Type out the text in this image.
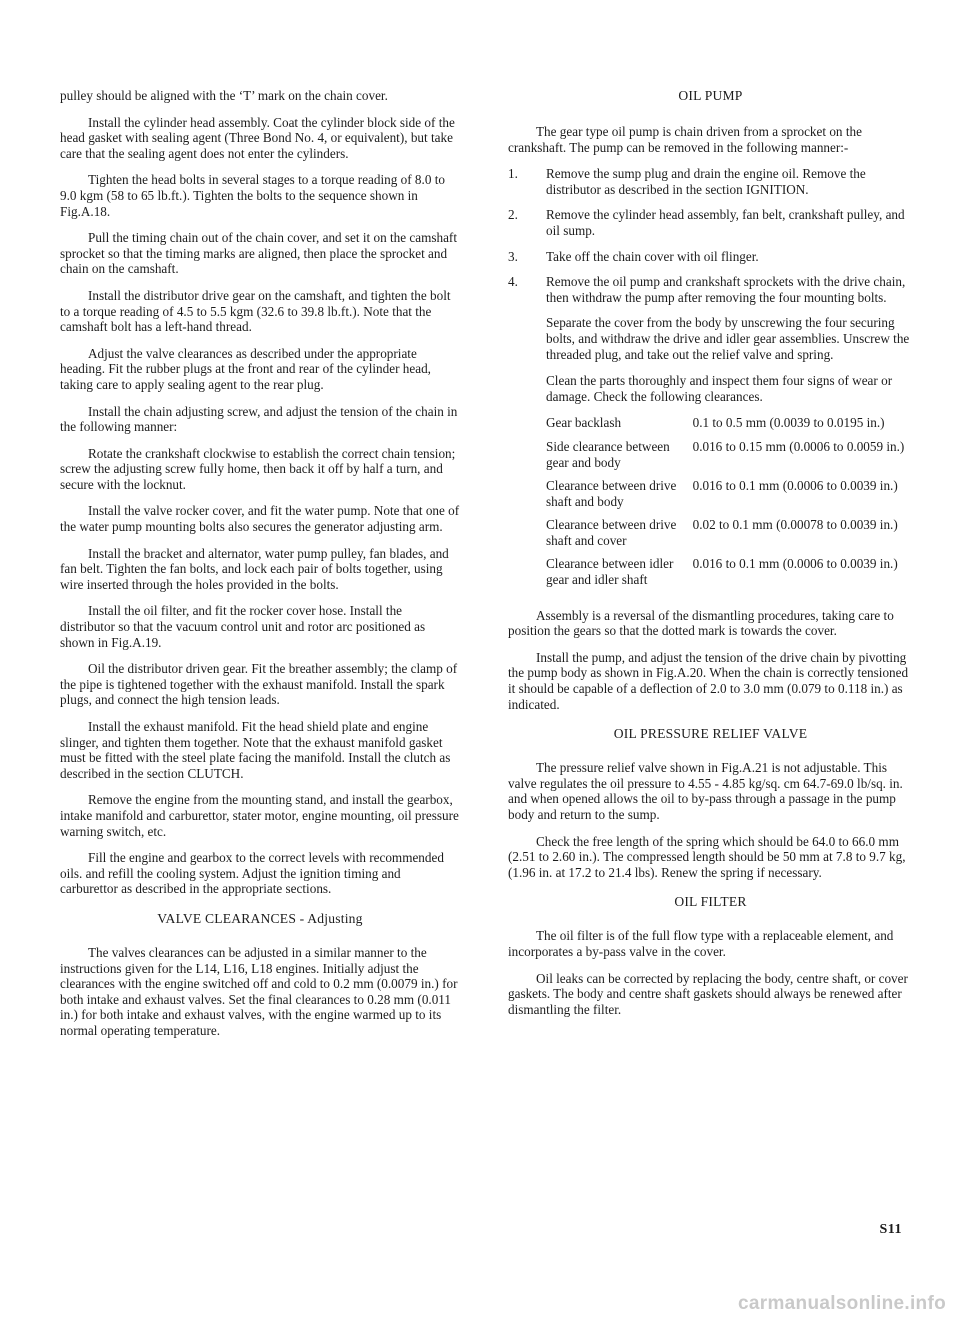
pulley should be aligned with the ‘T’ mark on the chain cover.

Install the cylinder head assembly. Coat the cylinder block side of the head gasket with sealing agent (Three Bond No. 4, or equivalent), but take care that the sealing agent does not enter the cylinders.

Tighten the head bolts in several stages to a torque reading of 8.0 to 9.0 kgm (58 to 65 lb.ft.). Tighten the bolts to the sequence shown in Fig.A.18.

Pull the timing chain out of the chain cover, and set it on the camshaft sprocket so that the timing marks are aligned, then place the sprocket and chain on the camshaft.

Install the distributor drive gear on the camshaft, and tighten the bolt to a torque reading of 4.5 to 5.5 kgm (32.6 to 39.8 lb.ft.). Note that the camshaft bolt has a left-hand thread.

Adjust the valve clearances as described under the appropriate heading. Fit the rubber plugs at the front and rear of the cylinder head, taking care to apply sealing agent to the rear plug.

Install the chain adjusting screw, and adjust the tension of the chain in the following manner:

Rotate the crankshaft clockwise to establish the correct chain tension; screw the adjusting screw fully home, then back it off by half a turn, and secure with the locknut.

Install the valve rocker cover, and fit the water pump. Note that one of the water pump mounting bolts also secures the generator adjusting arm.

Install the bracket and alternator, water pump pulley, fan blades, and fan belt. Tighten the fan bolts, and lock each pair of bolts together, using wire inserted through the holes provided in the bolts.

Install the oil filter, and fit the rocker cover hose. Install the distributor so that the vacuum control unit and rotor arc positioned as shown in Fig.A.19.

Oil the distributor driven gear. Fit the breather assembly; the clamp of the pipe is tightened together with the exhaust manifold. Install the spark plugs, and connect the high tension leads.

Install the exhaust manifold. Fit the head shield plate and engine slinger, and tighten them together. Note that the exhaust manifold gasket must be fitted with the steel plate facing the manifold. Install the clutch as described in the section CLUTCH.

Remove the engine from the mounting stand, and install the gearbox, intake manifold and carburettor, stater motor, engine mounting, oil pressure warning switch, etc.

Fill the engine and gearbox to the correct levels with recommended oils. and refill the cooling system. Adjust the ignition timing and carburettor as described in the appropriate sections.

VALVE CLEARANCES - Adjusting

The valves clearances can be adjusted in a similar manner to the instructions given for the L14, L16, L18 engines. Initially adjust the clearances with the engine switched off and cold to 0.2 mm (0.0079 in.) for both intake and exhaust valves. Set the final clearances to 0.28 mm (0.011 in.) for both intake and exhaust valves, with the engine warmed up to its normal operating temperature.

OIL PUMP

The gear type oil pump is chain driven from a sprocket on the crankshaft. The pump can be removed in the following manner:-

1.	Remove the sump plug and drain the engine oil. Remove the distributor as described in the section IGNITION.
2.	Remove the cylinder head assembly, fan belt, crankshaft pulley, and oil sump.
3.	Take off the chain cover with oil flinger.
4.	Remove the oil pump and crankshaft sprockets with the drive chain, then withdraw the pump after removing the four mounting bolts.

Separate the cover from the body by unscrewing the four securing bolts, and withdraw the drive and idler gear assemblies. Unscrew the threaded plug, and take out the relief valve and spring.

Clean the parts thoroughly and inspect them four signs of wear or damage. Check the following clearances.

Gear backlash	0.1 to 0.5 mm (0.0039 to 0.0195 in.)
Side clearance between gear and body	0.016 to 0.15 mm (0.0006 to 0.0059 in.)
Clearance between drive shaft and body	0.016 to 0.1 mm (0.0006 to 0.0039 in.)
Clearance between drive shaft and cover	0.02 to 0.1 mm (0.00078 to 0.0039 in.)
Clearance between idler gear and idler shaft	0.016 to 0.1 mm (0.0006 to 0.0039 in.)

Assembly is a reversal of the dismantling procedures, taking care to position the gears so that the dotted mark is towards the cover.

Install the pump, and adjust the tension of the drive chain by pivotting the pump body as shown in Fig.A.20. When the chain is correctly tensioned it should be capable of a deflection of 2.0 to 3.0 mm (0.079 to 0.118 in.) as indicated.

OIL PRESSURE RELIEF VALVE

The pressure relief valve shown in Fig.A.21 is not adjustable. This valve regulates the oil pressure to 4.55 - 4.85 kg/sq. cm 64.7-69.0 lb/sq. in. and when opened allows the oil to by-pass through a passage in the pump body and return to the sump.

Check the free length of the spring which should be 64.0 to 66.0 mm (2.51 to 2.60 in.). The compressed length should be 50 mm at 7.8 to 9.7 kg, (1.96 in. at 17.2 to 21.4 lbs). Renew the spring if necessary.

OIL FILTER

The oil filter is of the full flow type with a replaceable element, and incorporates a by-pass valve in the cover.

Oil leaks can be corrected by replacing the body, centre shaft, or cover gaskets. The body and centre shaft gaskets should always be renewed after dismantling the filter.

S11
carmanualsonline.info
